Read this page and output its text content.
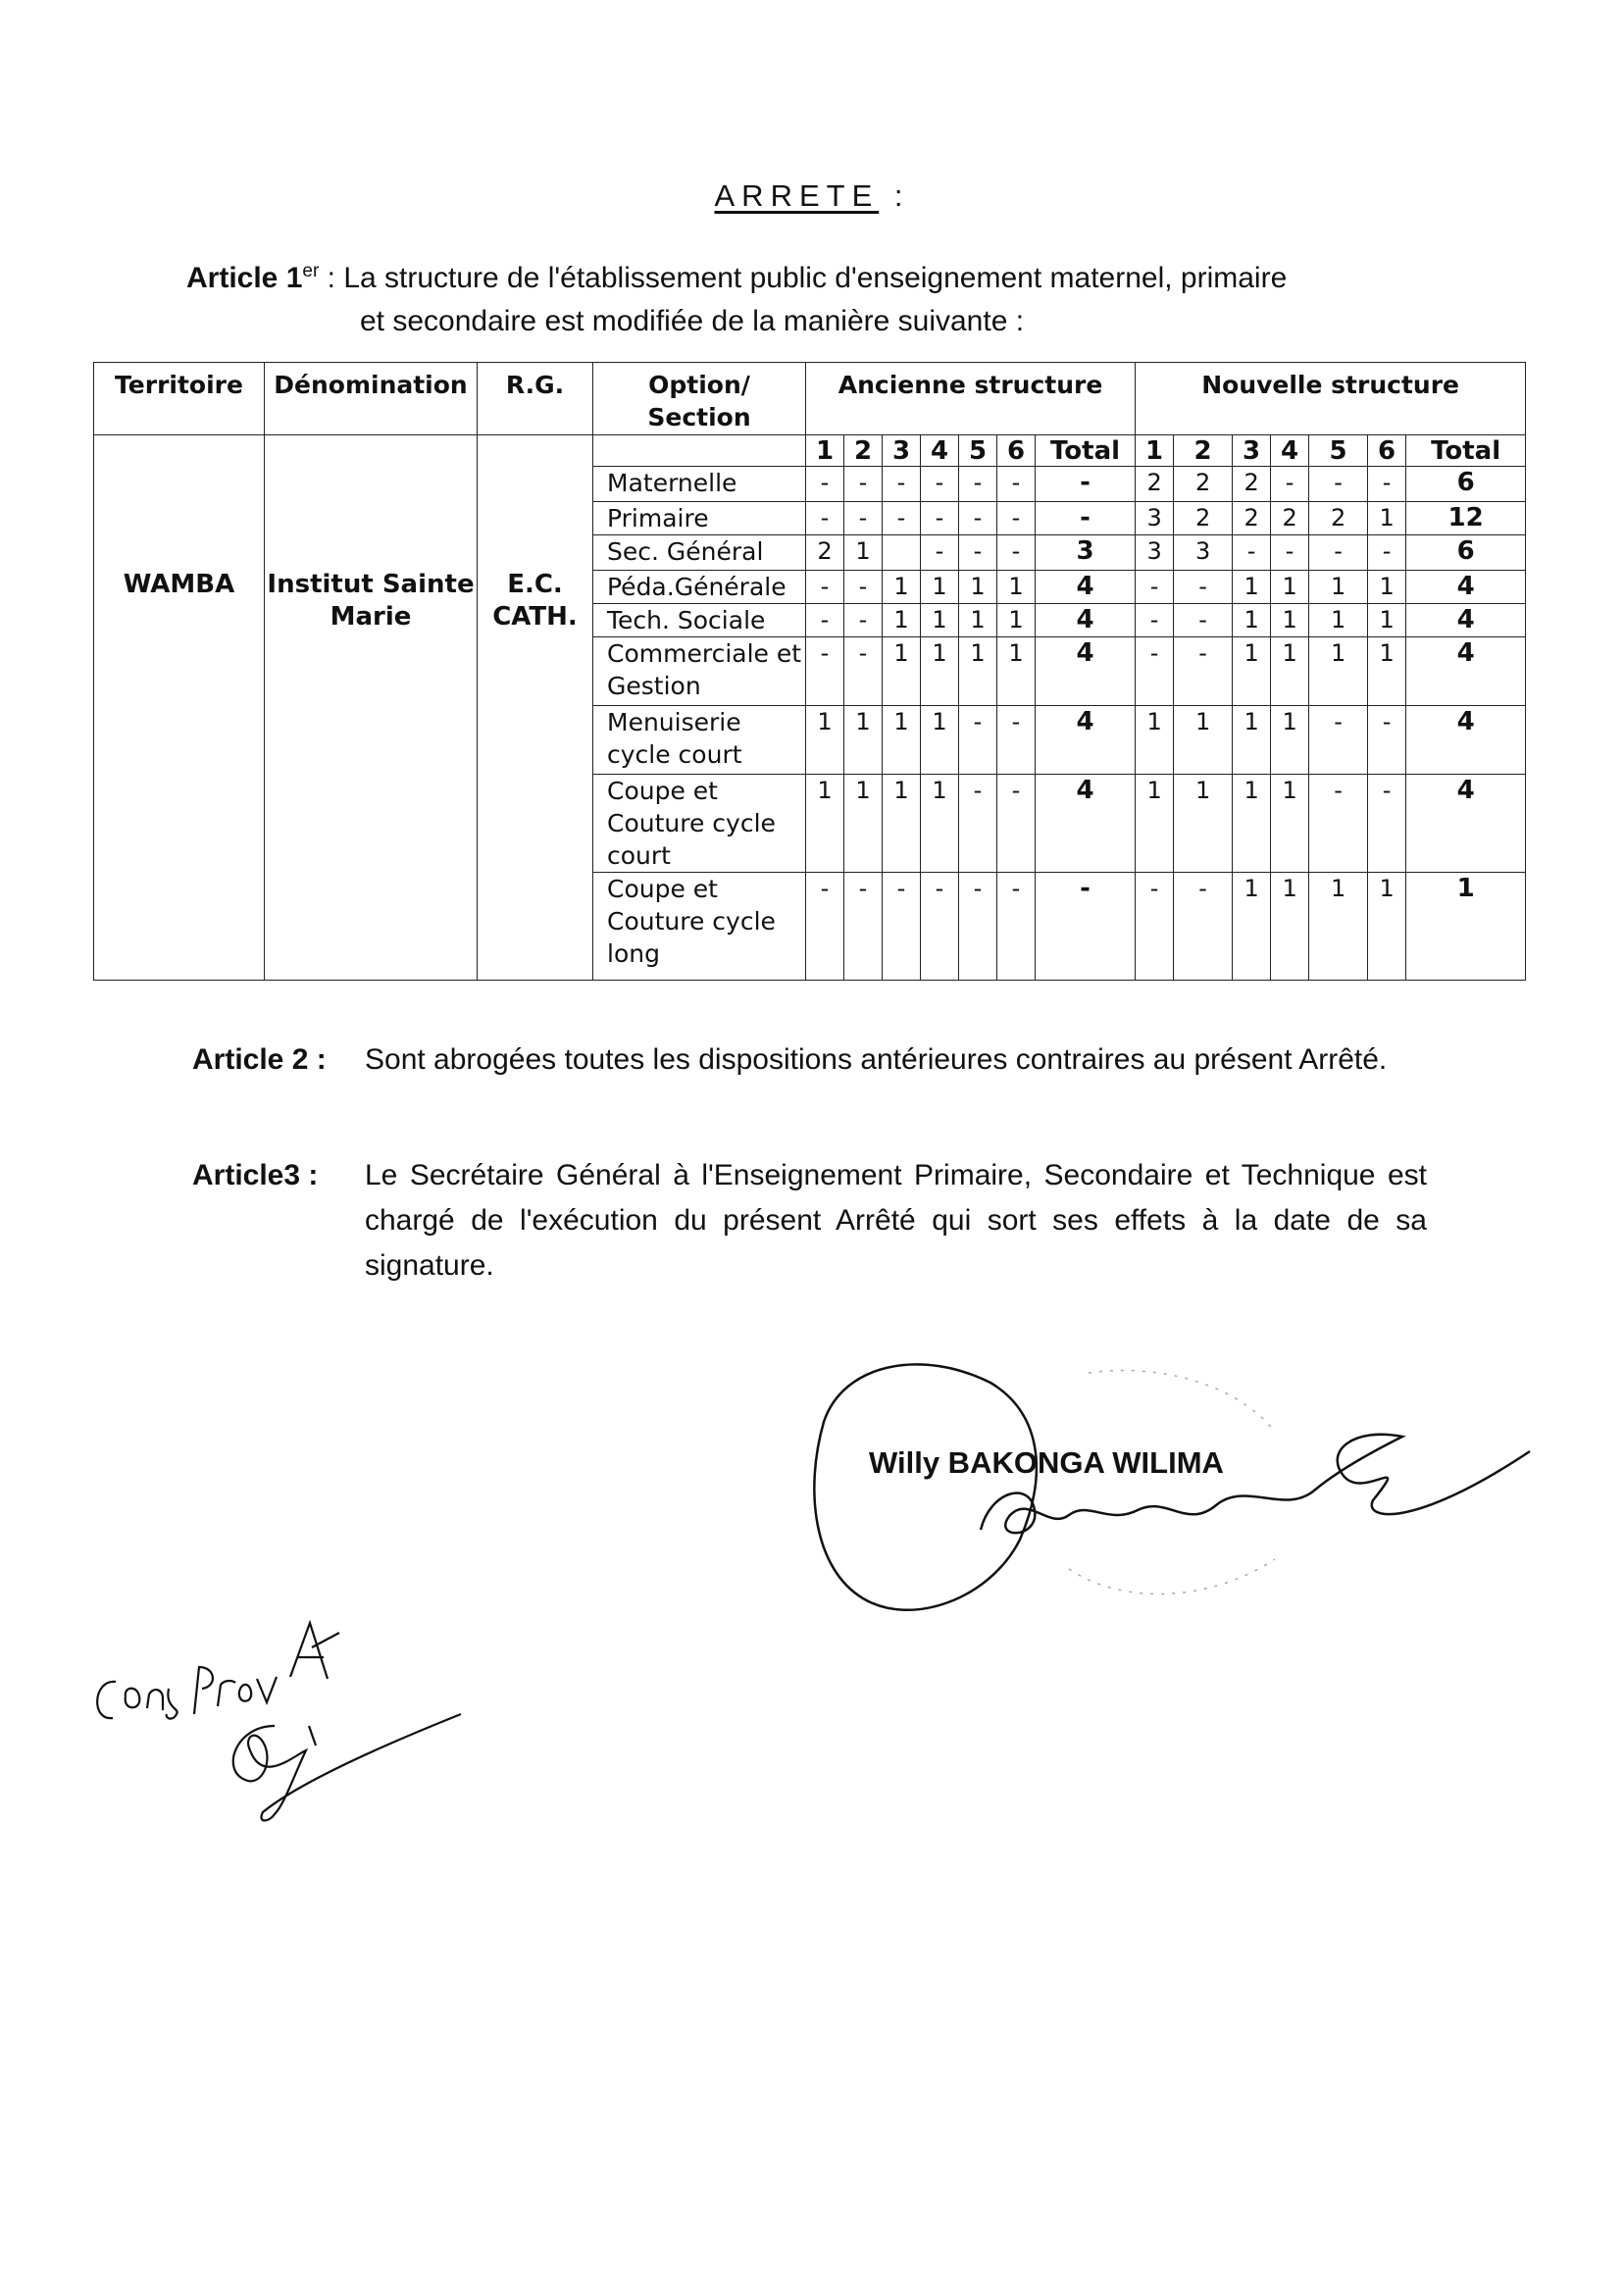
ARRETE :
Article 1er : La structure de l'établissement public d'enseignement maternel, primaire
et secondaire est modifiée de la manière suivante :
Territoire	Dénomination	R.G.	Option/ Section	Ancienne structure							Nouvelle structure						
WAMBA	Institut Sainte Marie	E.C. CATH.		1	2	3	4	5	6	Total	1	2	3	4	5	6	Total
			Maternelle	-	-	-	-	-	-	-	2	2	2	-	-	-	6
			Primaire	-	-	-	-	-	-	-	3	2	2	2	2	1	12
			Sec. Général	2	1		-	-	-	3	3	3	-	-	-	-	6
			Péda.Générale	-	-	1	1	1	1	4	-	-	1	1	1	1	4
			Tech. Sociale	-	-	1	1	1	1	4	-	-	1	1	1	1	4
			Commerciale et Gestion	-	-	1	1	1	1	4	-	-	1	1	1	1	4
			Menuiserie cycle court	1	1	1	1	-	-	4	1	1	1	1	-	-	4
			Coupe et Couture cycle court	1	1	1	1	-	-	4	1	1	1	1	-	-	4
			Coupe et Couture cycle long	-	-	-	-	-	-	-	-	-	1	1	1	1	1
Article 2 : Sont abrogées toutes les dispositions antérieures contraires au présent Arrêté.
Article3 : Le Secrétaire Général à l'Enseignement Primaire, Secondaire et Technique est chargé de l'exécution du présent Arrêté qui sort ses effets à la date de sa signature.
Willy BAKONGA WILIMA
